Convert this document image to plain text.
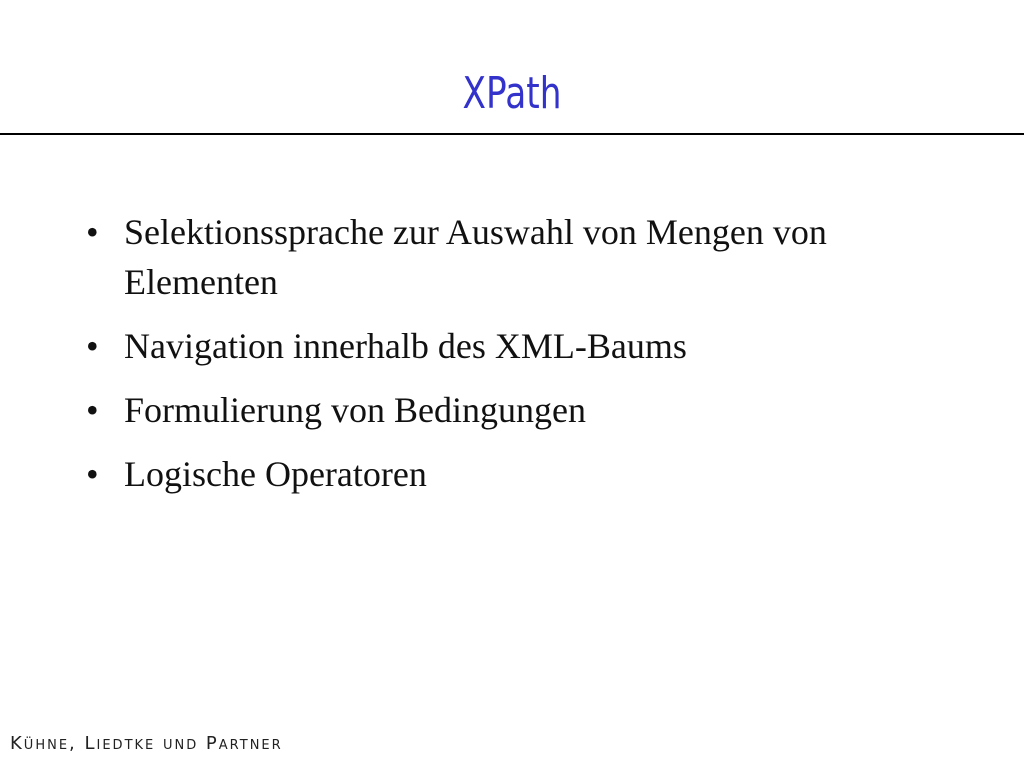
XPath
• Selektionssprache zur Auswahl von Mengen von Elementen
• Navigation innerhalb des XML-Baums
• Formulierung von Bedingungen
• Logische Operatoren
Kühne, Liedtke und Partner
